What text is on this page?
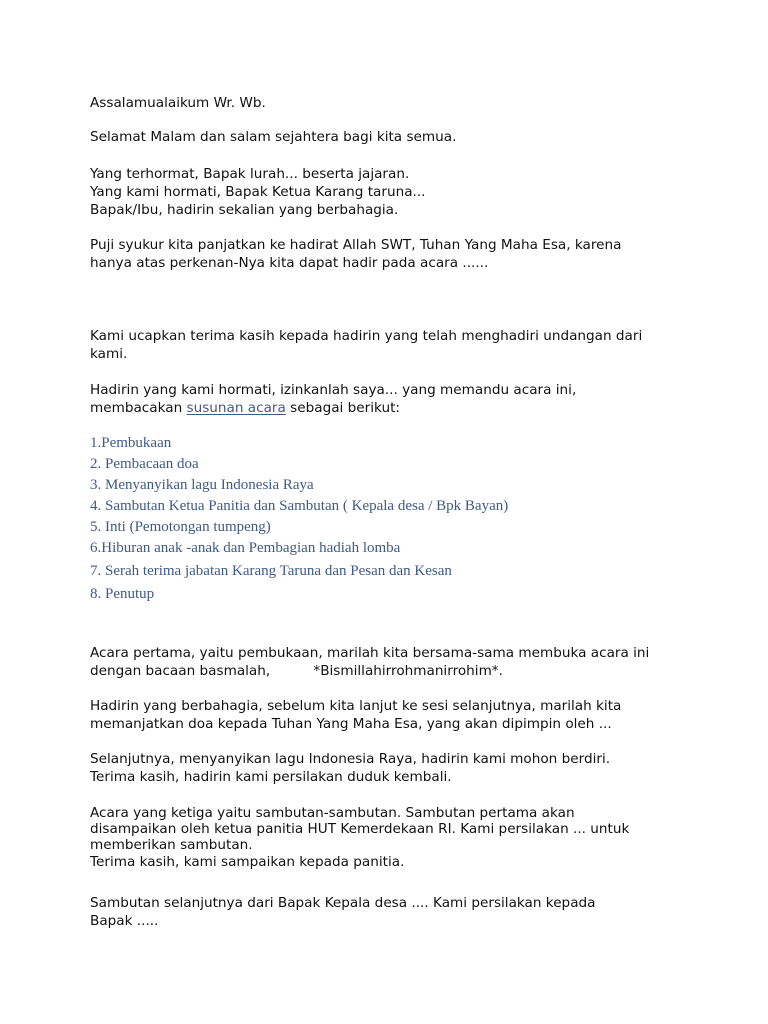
Assalamualaikum Wr. Wb.

Selamat Malam dan salam sejahtera bagi kita semua.

Yang terhormat, Bapak lurah... beserta jajaran.

Yang kami hormati, Bapak Ketua Karang taruna...

Bapak/Ibu, hadirin sekalian yang berbahagia.

Puji syukur kita panjatkan ke hadirat Allah SWT, Tuhan Yang Maha Esa, karena

hanya atas perkenan-Nya kita dapat hadir pada acara ......

Kami ucapkan terima kasih kepada hadirin yang telah menghadiri undangan dari

kami.

Hadirin yang kami hormati, izinkanlah saya... yang memandu acara ini,

membacakan susunan acara sebagai berikut:

1.Pembukaan
2. Pembacaan doa
3. Menyanyikan lagu Indonesia Raya
4. Sambutan Ketua Panitia dan Sambutan ( Kepala desa / Bpk Bayan)
5. Inti (Pemotongan tumpeng)
6.Hiburan anak -anak dan Pembagian hadiah lomba
7. Serah terima jabatan Karang Taruna dan Pesan dan Kesan
8. Penutup

Acara pertama, yaitu pembukaan, marilah kita bersama-sama membuka acara ini

dengan bacaan basmalah,          *Bismillahirrohmanirrohim*.

Hadirin yang berbahagia, sebelum kita lanjut ke sesi selanjutnya, marilah kita

memanjatkan doa kepada Tuhan Yang Maha Esa, yang akan dipimpin oleh ...

Selanjutnya, menyanyikan lagu Indonesia Raya, hadirin kami mohon berdiri.

Terima kasih, hadirin kami persilakan duduk kembali.

Acara yang ketiga yaitu sambutan-sambutan. Sambutan pertama akan

disampaikan oleh ketua panitia HUT Kemerdekaan RI. Kami persilakan ... untuk

memberikan sambutan.

Terima kasih, kami sampaikan kepada panitia.

Sambutan selanjutnya dari Bapak Kepala desa .... Kami persilakan kepada

Bapak .....
